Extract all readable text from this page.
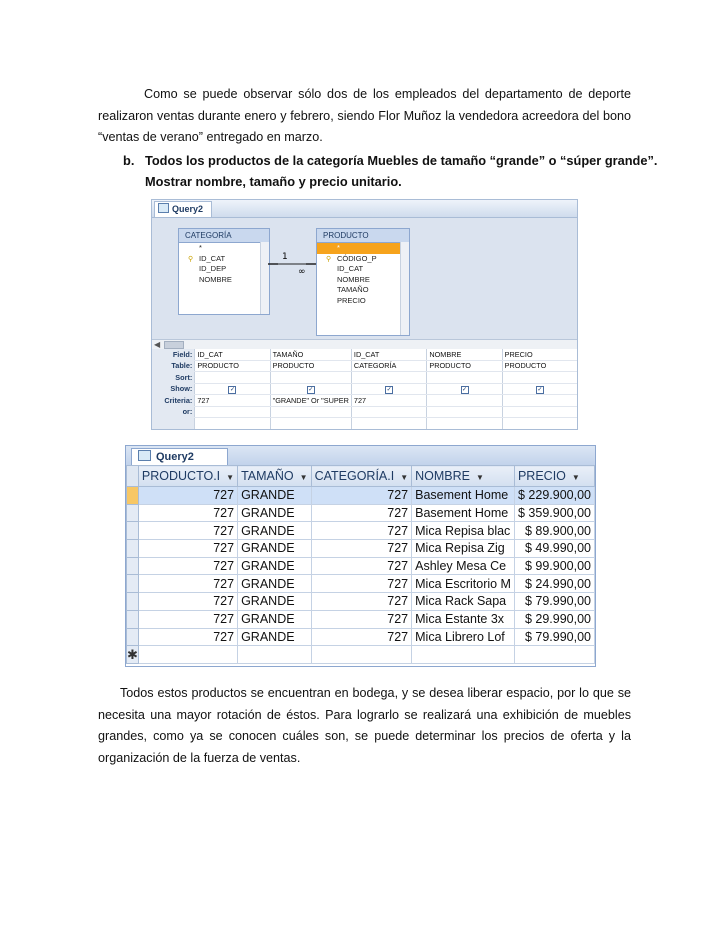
Como se puede observar sólo dos de los empleados del departamento de deporte realizaron ventas durante enero y febrero, siendo Flor Muñoz la vendedora acreedora del bono “ventas de verano” entregado en marzo.
b. Todos los productos de la categoría Muebles de tamaño “grande” o “súper grande”.
Mostrar nombre, tamaño y precio unitario.
Query2
CATEGORÍA
*
⚲ ID_CAT
ID_DEP
NOMBRE
1
∞
PRODUCTO
*
⚲ CÓDIGO_P
ID_CAT
NOMBRE
TAMAÑO
PRECIO
◀
Field:	ID_CAT	TAMAÑO	ID_CAT	NOMBRE	PRECIO
Table:	PRODUCTO	PRODUCTO	CATEGORÍA	PRODUCTO	PRODUCTO
Sort:					
Show:	✓	✓	✓	✓	✓
Criteria:	727	"GRANDE" Or "SUPER	727		
or:					

Query2
	PRODUCTO.I ▼	TAMAÑO ▼	CATEGORÍA.I ▼	NOMBRE ▼	PRECIO ▼
	727	GRANDE	727	Basement Home	$ 229.900,00
	727	GRANDE	727	Basement Home	$ 359.900,00
	727	GRANDE	727	Mica Repisa blac	$ 89.900,00
	727	GRANDE	727	Mica Repisa Zig	$ 49.990,00
	727	GRANDE	727	Ashley Mesa Ce	$ 99.900,00
	727	GRANDE	727	Mica Escritorio M	$ 24.990,00
	727	GRANDE	727	Mica Rack Sapa	$ 79.990,00
	727	GRANDE	727	Mica Estante 3x	$ 29.990,00
	727	GRANDE	727	Mica Librero Lof	$ 79.990,00
✱					
Todos estos productos se encuentran en bodega, y se desea liberar espacio, por lo que se necesita una mayor rotación de éstos. Para lograrlo se realizará una exhibición de muebles grandes, como ya se conocen cuáles son, se puede determinar los precios de oferta y la organización de la fuerza de ventas.
